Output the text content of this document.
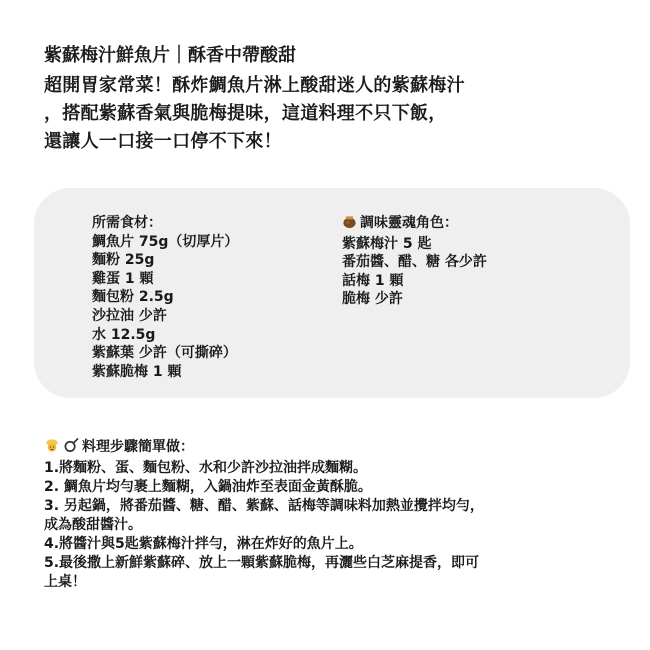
紫蘇梅汁鮮魚片｜酥香中帶酸甜

超開胃家常菜！酥炸鯛魚片淋上酸甜迷人的紫蘇梅汁

，搭配紫蘇香氣與脆梅提味，這道料理不只下飯，

還讓人一口接一口停不下來！

所需食材：
鯛魚片 75g（切厚片）
麵粉 25g
雞蛋 1 顆
麵包粉 2.5g
沙拉油 少許
水 12.5g
紫蘇葉 少許（可撕碎）
紫蘇脆梅 1 顆
調味靈魂角色：
紫蘇梅汁 5 匙
番茄醬、醋、糖 各少許
話梅 1 顆
脆梅 少許
料理步驟簡單做：
1.將麵粉、蛋、麵包粉、水和少許沙拉油拌成麵糊。
2. 鯛魚片均勻裹上麵糊，入鍋油炸至表面金黃酥脆。
3. 另起鍋，將番茄醬、糖、醋、紫蘇、話梅等調味料加熱並攪拌均勻，
成為酸甜醬汁。
4.將醬汁與5匙紫蘇梅汁拌勻，淋在炸好的魚片上。
5.最後撒上新鮮紫蘇碎、放上一顆紫蘇脆梅，再灑些白芝麻提香，即可
上桌！
